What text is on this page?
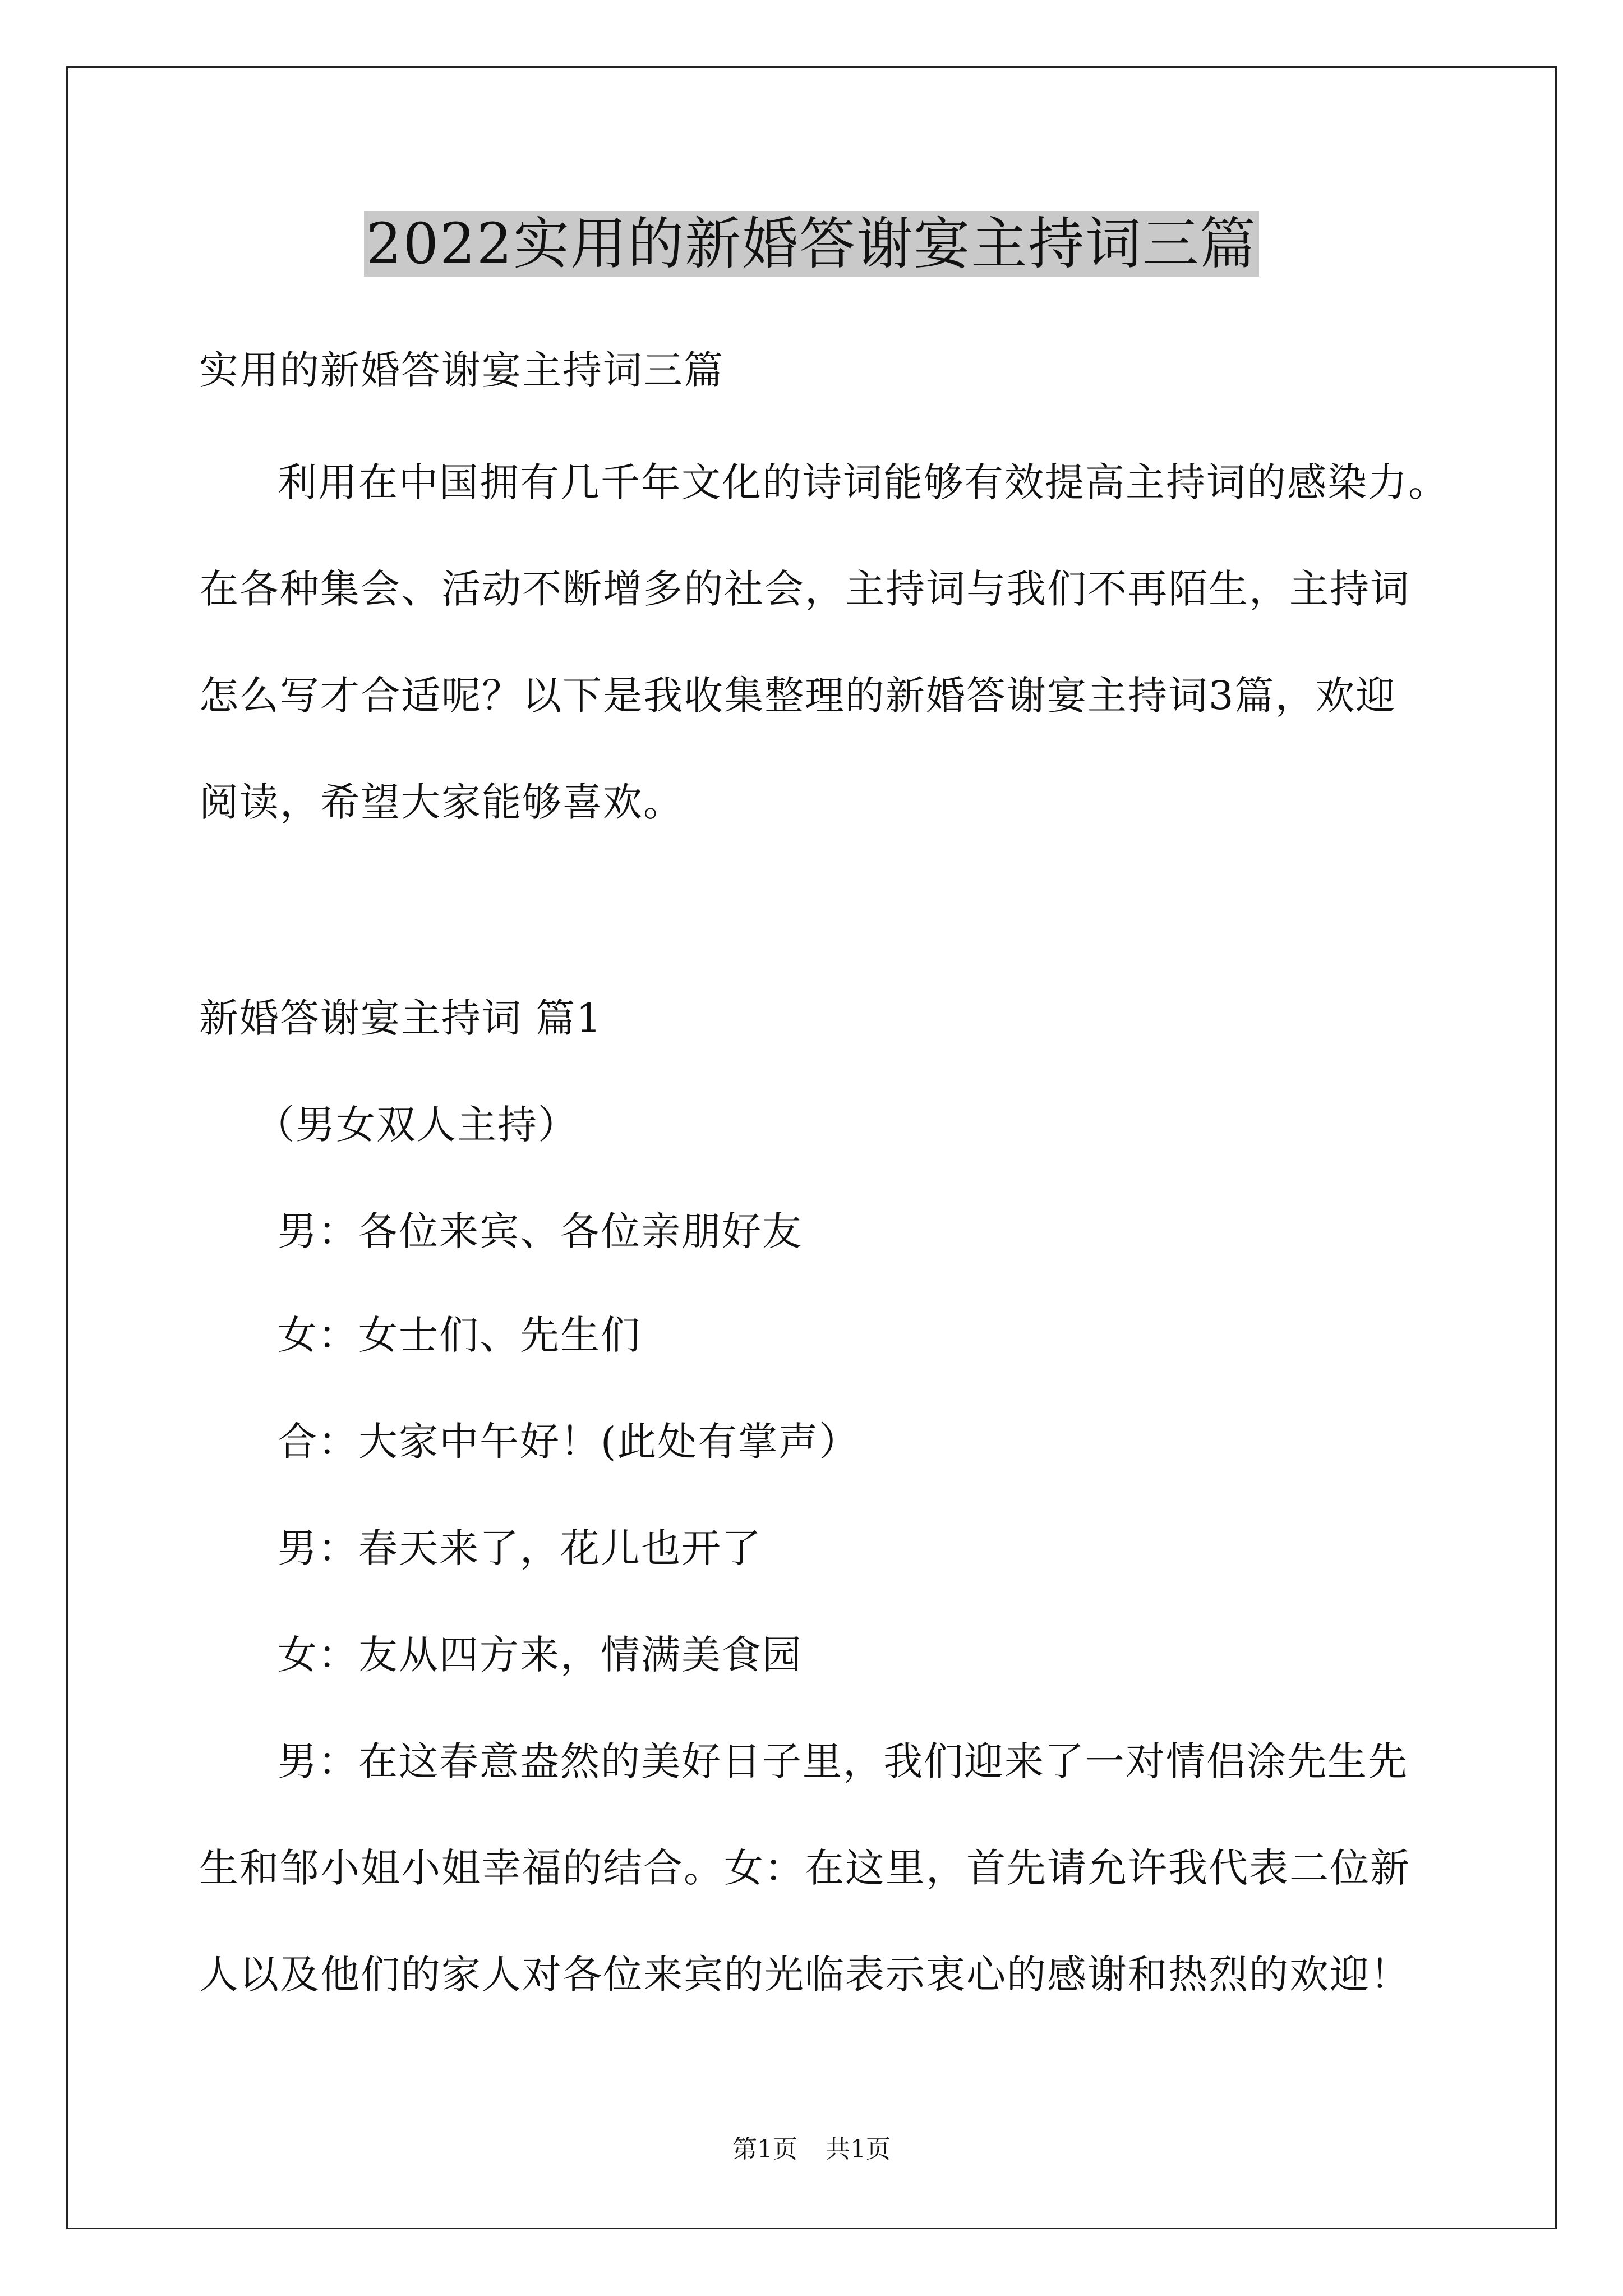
2022实用的新婚答谢宴主持词三篇
实用的新婚答谢宴主持词三篇
利用在中国拥有几千年文化的诗词能够有效提高主持词的感染力。
在各种集会、活动不断增多的社会，主持词与我们不再陌生，主持词
怎么写才合适呢？以下是我收集整理的新婚答谢宴主持词3篇，欢迎
阅读，希望大家能够喜欢。
新婚答谢宴主持词 篇1
（男女双人主持）
男：各位来宾、各位亲朋好友
女：女士们、先生们
合：大家中午好！(此处有掌声）
男：春天来了，花儿也开了
女：友从四方来，情满美食园
男：在这春意盎然的美好日子里，我们迎来了一对情侣涂先生先
生和邹小姐小姐幸福的结合。女：在这里，首先请允许我代表二位新
人以及他们的家人对各位来宾的光临表示衷心的感谢和热烈的欢迎！
第1页 共1页
